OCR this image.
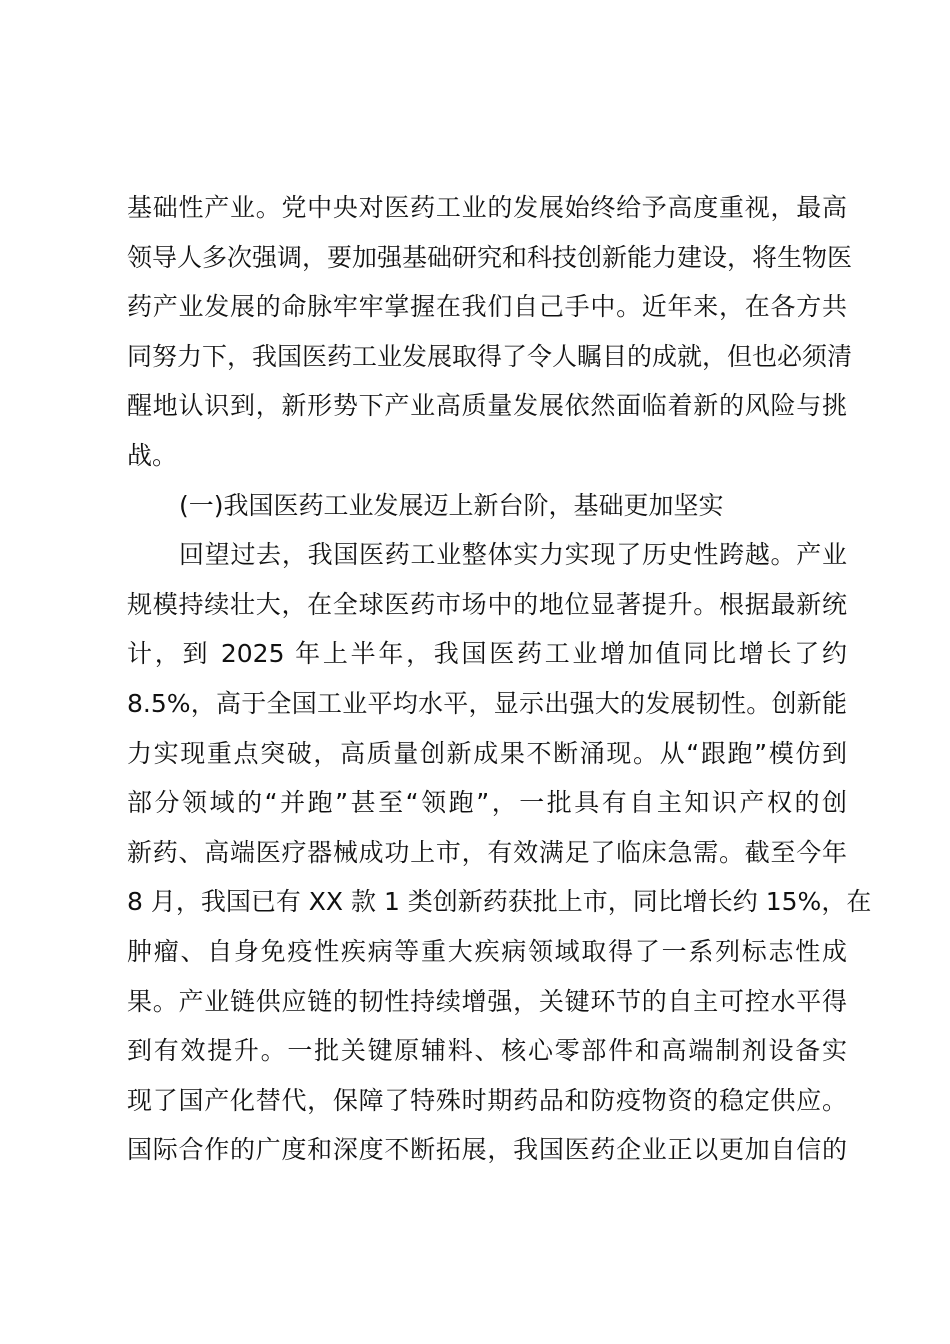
基础性产业。党中央对医药工业的发展始终给予高度重视，最高
领导人多次强调，要加强基础研究和科技创新能力建设，将生物医
药产业发展的命脉牢牢掌握在我们自己手中。近年来，在各方共
同努力下，我国医药工业发展取得了令人瞩目的成就，但也必须清
醒地认识到，新形势下产业高质量发展依然面临着新的风险与挑
战。
(一)我国医药工业发展迈上新台阶，基础更加坚实
回望过去，我国医药工业整体实力实现了历史性跨越。产业
规模持续壮大，在全球医药市场中的地位显著提升。根据最新统
计，到 2025 年上半年，我国医药工业增加值同比增长了约
8.5%，高于全国工业平均水平，显示出强大的发展韧性。创新能
力实现重点突破，高质量创新成果不断涌现。从“跟跑”模仿到
部分领域的“并跑”甚至“领跑”，一批具有自主知识产权的创
新药、高端医疗器械成功上市，有效满足了临床急需。截至今年
8 月，我国已有 XX 款 1 类创新药获批上市，同比增长约 15%，在
肿瘤、自身免疫性疾病等重大疾病领域取得了一系列标志性成
果。产业链供应链的韧性持续增强，关键环节的自主可控水平得
到有效提升。一批关键原辅料、核心零部件和高端制剂设备实
现了国产化替代，保障了特殊时期药品和防疫物资的稳定供应。
国际合作的广度和深度不断拓展，我国医药企业正以更加自信的
